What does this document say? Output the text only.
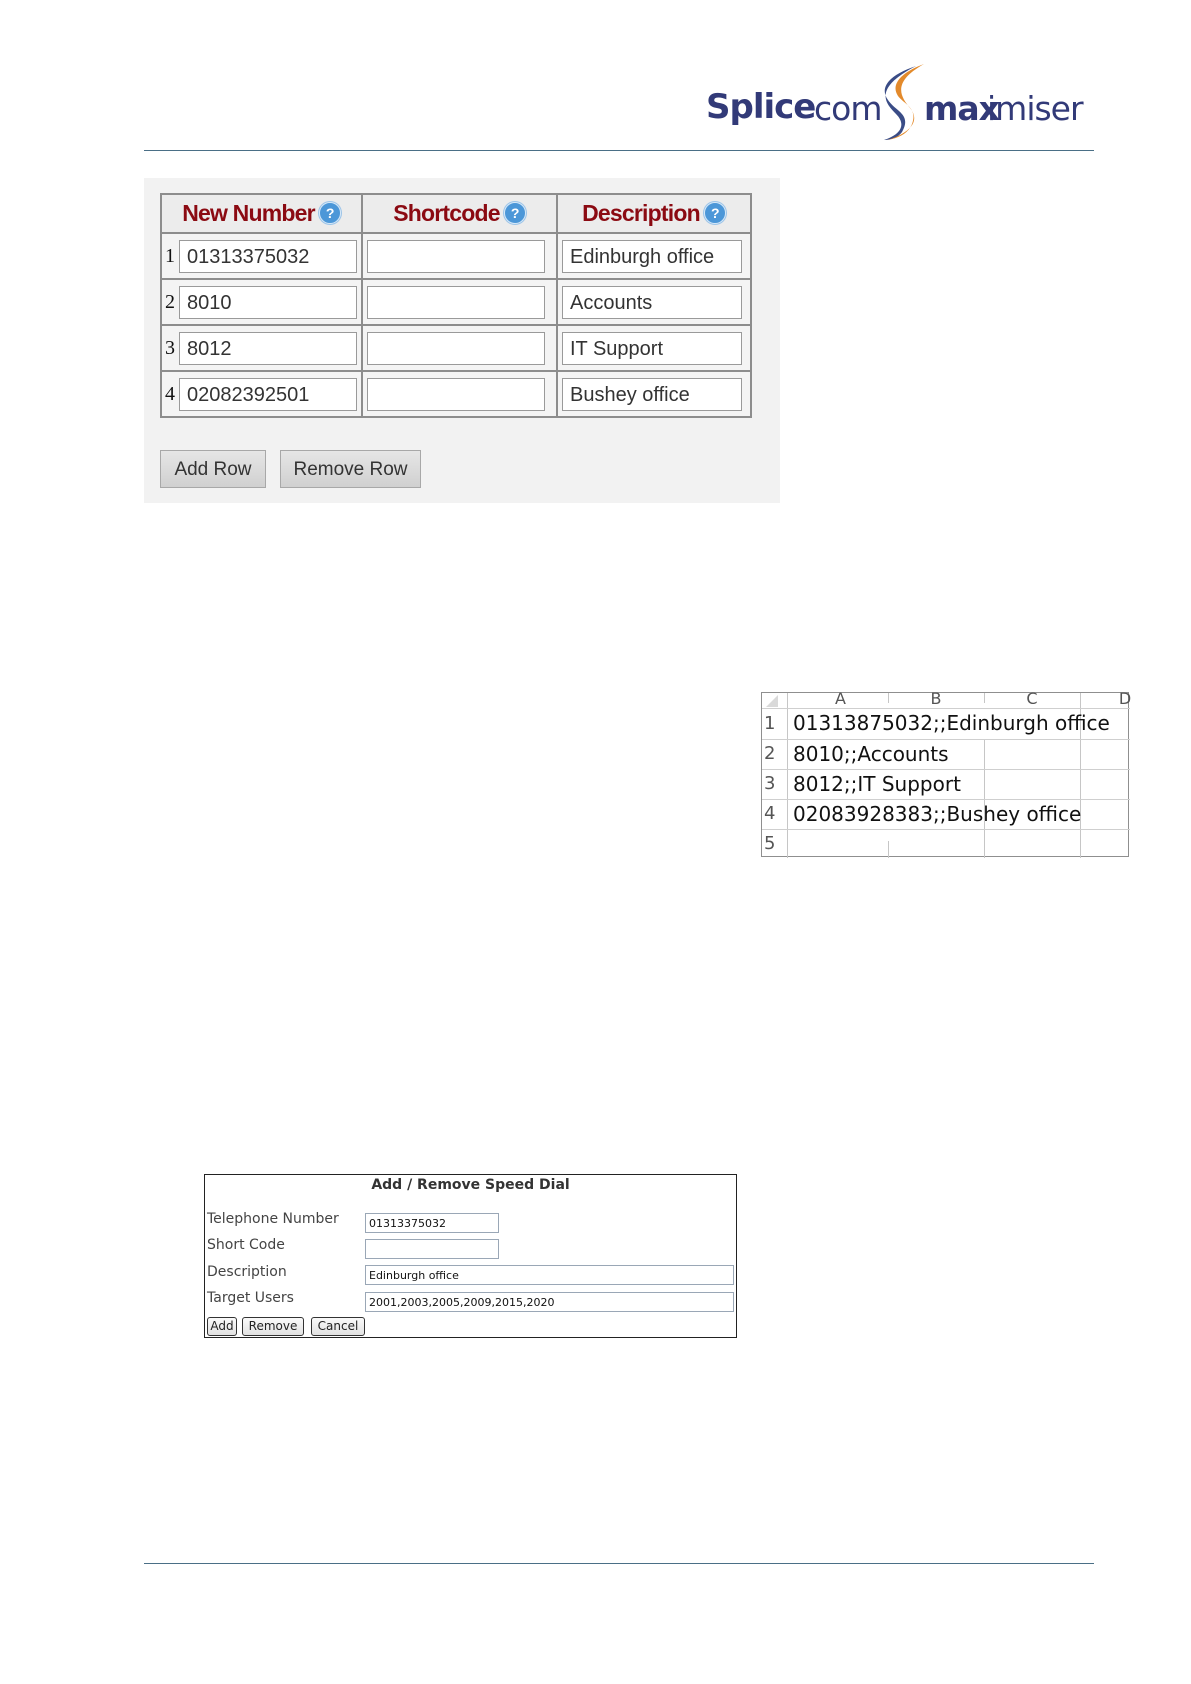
Splice
com max
imiser
New Number ?		Shortcode ?	Description ?
1	01313375032		Edinburgh office
2	8010		Accounts
3	8012		IT Support
4	02082392501		Bushey office
Add Row	Remove Row
A	B	C	D
1 01313875032;;Edinburgh office
2 8010;;Accounts
3 8012;;IT Support
4 02083928383;;Bushey office
5
Add / Remove Speed Dial
Telephone Number	01313375032
Short Code
Description	Edinburgh office
Target Users	2001,2003,2005,2009,2015,2020
Add	Remove	Cancel
